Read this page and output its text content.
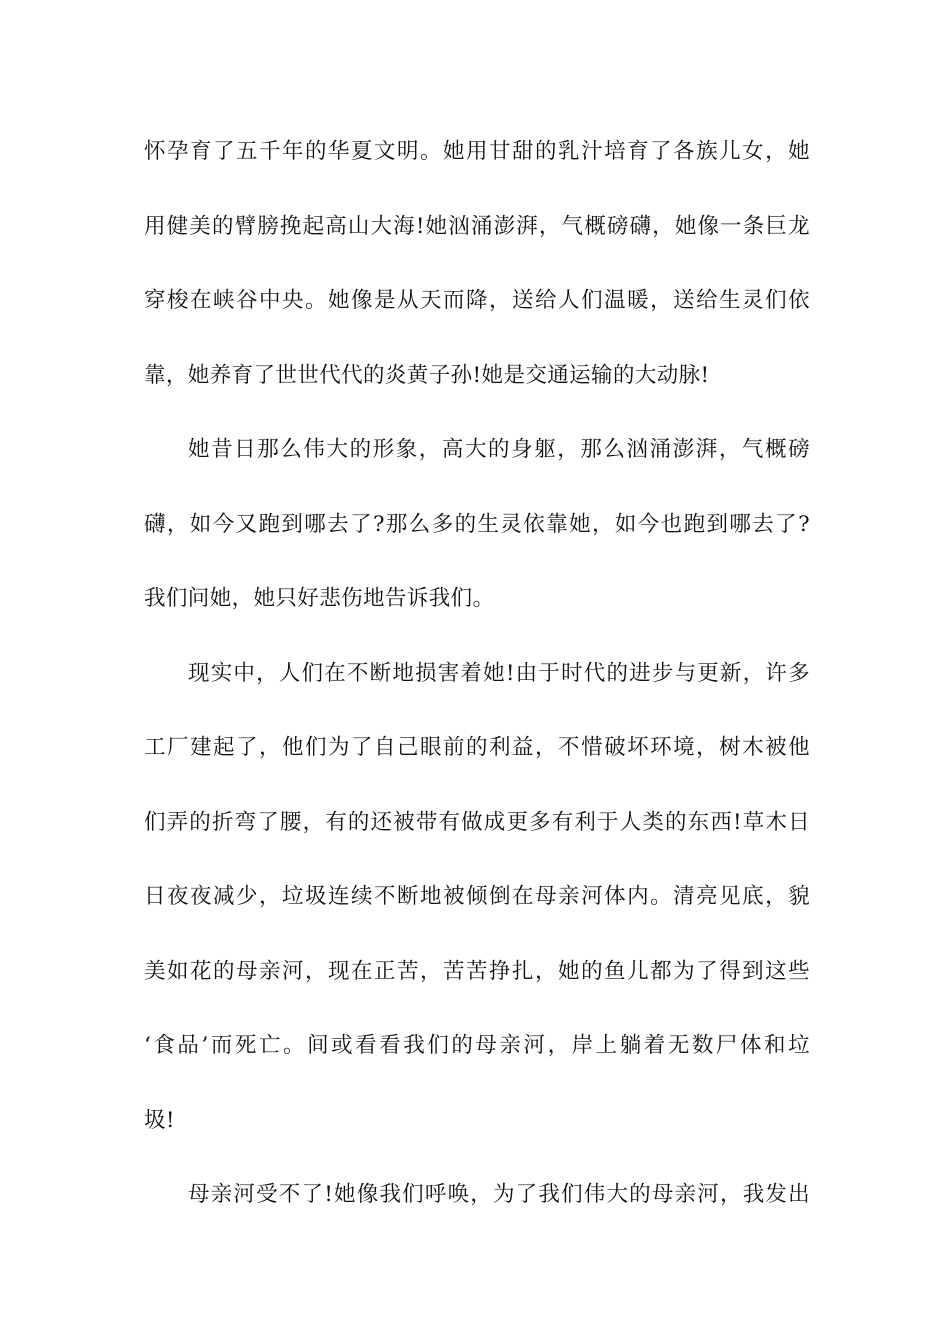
怀孕育了五千年的华夏文明。她用甘甜的乳汁培育了各族儿女，她
用健美的臂膀挽起高山大海!她汹涌澎湃，气概磅礴，她像一条巨龙
穿梭在峡谷中央。她像是从天而降，送给人们温暖，送给生灵们依
靠，她养育了世世代代的炎黄子孙!她是交通运输的大动脉!
她昔日那么伟大的形象，高大的身躯，那么汹涌澎湃，气概磅
礴，如今又跑到哪去了?那么多的生灵依靠她，如今也跑到哪去了?
我们问她，她只好悲伤地告诉我们。
现实中，人们在不断地损害着她!由于时代的进步与更新，许多
工厂建起了，他们为了自己眼前的利益，不惜破坏环境，树木被他
们弄的折弯了腰，有的还被带有做成更多有利于人类的东西!草木日
日夜夜减少，垃圾连续不断地被倾倒在母亲河体内。清亮见底，貌
美如花的母亲河，现在正苦，苦苦挣扎，她的鱼儿都为了得到这些
‘食品’而死亡。间或看看我们的母亲河，岸上躺着无数尸体和垃
圾!
母亲河受不了!她像我们呼唤，为了我们伟大的母亲河，我发出
